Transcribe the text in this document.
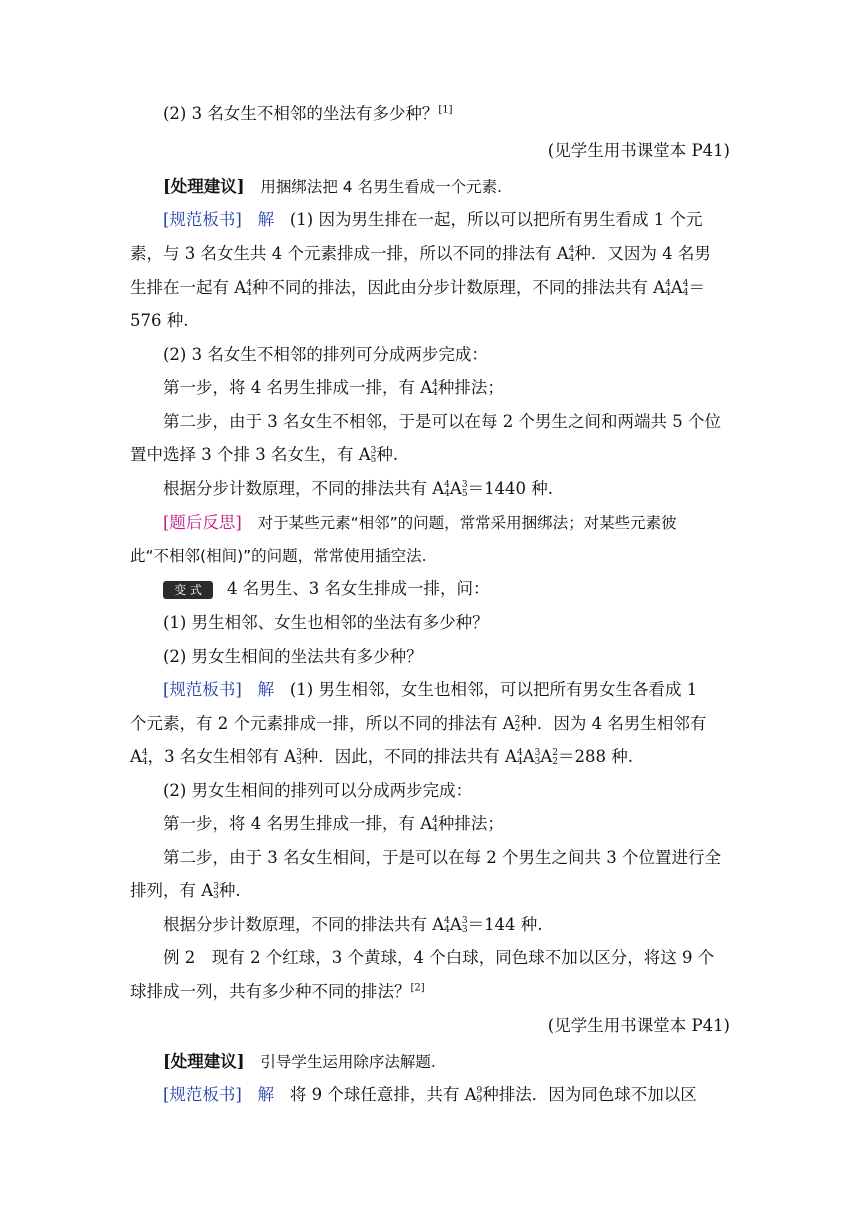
(2) 3 名女生不相邻的坐法有多少种？[1]
(见学生用书课堂本 P41)
[处理建议] 用捆绑法把 4 名男生看成一个元素.
[规范板书] 解 (1) 因为男生排在一起，所以可以把所有男生看成 1 个元
素，与 3 名女生共 4 个元素排成一排，所以不同的排法有 A 4
4 种．又因为 4 名男
生排在一起有 A 4
4 种不同的排法，因此由分步计数原理，不同的排法共有 A 4
4 A 4
4 ＝
576 种.
(2) 3 名女生不相邻的排列可分成两步完成：
第一步，将 4 名男生排成一排，有 A 4
4 种排法；
第二步，由于 3 名女生不相邻，于是可以在每 2 个男生之间和两端共 5 个位
置中选择 3 个排 3 名女生，有 A 3
5 种.
根据分步计数原理，不同的排法共有 A 4
4 A 3
5 ＝1440 种.
[题后反思] 对于某些元素“相邻”的问题，常常采用捆绑法；对某些元素彼
此“不相邻(相间)”的问题，常常使用插空法.
变 式 4 名男生、3 名女生排成一排，问：
(1) 男生相邻、女生也相邻的坐法有多少种？
(2) 男女生相间的坐法共有多少种？
[规范板书] 解 (1) 男生相邻，女生也相邻，可以把所有男女生各看成 1
个元素，有 2 个元素排成一排，所以不同的排法有 A 2
2 种．因为 4 名男生相邻有
A 4
4 ，3 名女生相邻有 A 3
3 种．因此，不同的排法共有 A 4
4 A 3
3 A 2
2 ＝288 种.
(2) 男女生相间的排列可以分成两步完成：
第一步，将 4 名男生排成一排，有 A 4
4 种排法；
第二步，由于 3 名女生相间，于是可以在每 2 个男生之间共 3 个位置进行全
排列，有 A 3
3 种.
根据分步计数原理，不同的排法共有 A 4
4 A 3
3 ＝144 种.
例 2　现有 2 个红球，3 个黄球，4 个白球，同色球不加以区分，将这 9 个
球排成一列，共有多少种不同的排法？[2]
(见学生用书课堂本 P41)
[处理建议] 引导学生运用除序法解题.
[规范板书] 解 将 9 个球任意排，共有 A 9
9 种排法．因为同色球不加以区
